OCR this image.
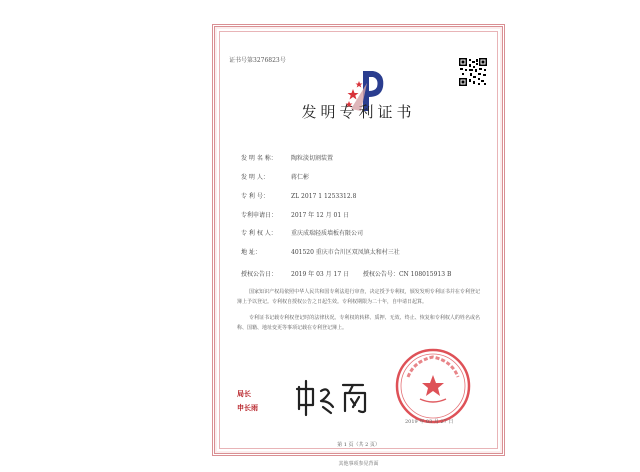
证书号第3276823号
发明专利证书
发 明 名 称： 陶粒淡切割装置
发 明 人：	蒋仁彬
专 利 号：	ZL 2017 1 1253312.8
专利申请日： 2017 年 12 月 01 日
专 利 权 人： 重庆成瑞轻质墙板有限公司
地 址：	401520 重庆市合川区双凤镇太和村三社
授权公告日： 2019 年 03 月 17 日 授权公告号：CN 108015913 B
国家知识产权局依照中华人民共和国专利法进行审查，决定授予专利权，颁发发明专利证书并在专利登记簿上予以登记。专利权自授权公告之日起生效。专利权期限为二十年，自申请日起算。
专利证书记载专利权登记时的法律状况。专利权的转移、质押、无效、终止、恢复和专利权人的姓名或名称、国籍、地址变更等事项记载在专利登记簿上。
局长
申长雨
2019 年 03 月 27 日
第 1 页（共 2 页）
其他事项参见背面
